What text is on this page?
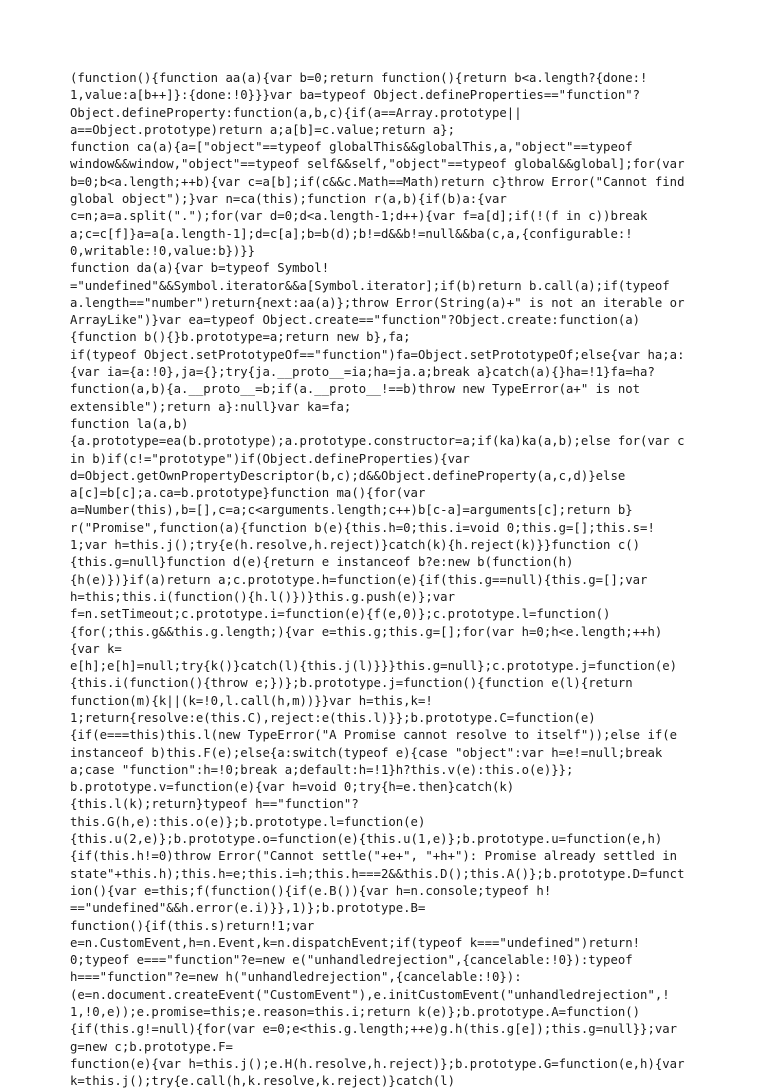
(function(){function aa(a){var b=0;return function(){return b<a.length?{done:!
1,value:a[b++]}:{done:!0}}}var ba=typeof Object.defineProperties=="function"?
Object.defineProperty:function(a,b,c){if(a==Array.prototype||
a==Object.prototype)return a;a[b]=c.value;return a};
function ca(a){a=["object"==typeof globalThis&&globalThis,a,"object"==typeof
window&&window,"object"==typeof self&&self,"object"==typeof global&&global];for(var
b=0;b<a.length;++b){var c=a[b];if(c&&c.Math==Math)return c}throw Error("Cannot find
global object");}var n=ca(this);function r(a,b){if(b)a:{var
c=n;a=a.split(".");for(var d=0;d<a.length-1;d++){var f=a[d];if(!(f in c))break
a;c=c[f]}a=a[a.length-1];d=c[a];b=b(d);b!=d&&b!=null&&ba(c,a,{configurable:!
0,writable:!0,value:b})}}
function da(a){var b=typeof Symbol!
="undefined"&&Symbol.iterator&&a[Symbol.iterator];if(b)return b.call(a);if(typeof
a.length=="number")return{next:aa(a)};throw Error(String(a)+" is not an iterable or
ArrayLike")}var ea=typeof Object.create=="function"?Object.create:function(a)
{function b(){}b.prototype=a;return new b},fa;
if(typeof Object.setPrototypeOf=="function")fa=Object.setPrototypeOf;else{var ha;a:
{var ia={a:!0},ja={};try{ja.__proto__=ia;ha=ja.a;break a}catch(a){}ha=!1}fa=ha?
function(a,b){a.__proto__=b;if(a.__proto__!==b)throw new TypeError(a+" is not
extensible");return a}:null}var ka=fa;
function la(a,b)
{a.prototype=ea(b.prototype);a.prototype.constructor=a;if(ka)ka(a,b);else for(var c
in b)if(c!="prototype")if(Object.defineProperties){var
d=Object.getOwnPropertyDescriptor(b,c);d&&Object.defineProperty(a,c,d)}else
a[c]=b[c];a.ca=b.prototype}function ma(){for(var
a=Number(this),b=[],c=a;c<arguments.length;c++)b[c-a]=arguments[c];return b}
r("Promise",function(a){function b(e){this.h=0;this.i=void 0;this.g=[];this.s=!
1;var h=this.j();try{e(h.resolve,h.reject)}catch(k){h.reject(k)}}function c()
{this.g=null}function d(e){return e instanceof b?e:new b(function(h)
{h(e)})}if(a)return a;c.prototype.h=function(e){if(this.g==null){this.g=[];var
h=this;this.i(function(){h.l()})}this.g.push(e)};var
f=n.setTimeout;c.prototype.i=function(e){f(e,0)};c.prototype.l=function()
{for(;this.g&&this.g.length;){var e=this.g;this.g=[];for(var h=0;h<e.length;++h)
{var k=
e[h];e[h]=null;try{k()}catch(l){this.j(l)}}}this.g=null};c.prototype.j=function(e)
{this.i(function(){throw e;})};b.prototype.j=function(){function e(l){return
function(m){k||(k=!0,l.call(h,m))}}var h=this,k=!
1;return{resolve:e(this.C),reject:e(this.l)}};b.prototype.C=function(e)
{if(e===this)this.l(new TypeError("A Promise cannot resolve to itself"));else if(e
instanceof b)this.F(e);else{a:switch(typeof e){case "object":var h=e!=null;break
a;case "function":h=!0;break a;default:h=!1}h?this.v(e):this.o(e)}};
b.prototype.v=function(e){var h=void 0;try{h=e.then}catch(k)
{this.l(k);return}typeof h=="function"?
this.G(h,e):this.o(e)};b.prototype.l=function(e)
{this.u(2,e)};b.prototype.o=function(e){this.u(1,e)};b.prototype.u=function(e,h)
{if(this.h!=0)throw Error("Cannot settle("+e+", "+h+"): Promise already settled in
state"+this.h);this.h=e;this.i=h;this.h===2&&this.D();this.A()};b.prototype.D=funct
ion(){var e=this;f(function(){if(e.B()){var h=n.console;typeof h!
=="undefined"&&h.error(e.i)}},1)};b.prototype.B=
function(){if(this.s)return!1;var
e=n.CustomEvent,h=n.Event,k=n.dispatchEvent;if(typeof k==="undefined")return!
0;typeof e==="function"?e=new e("unhandledrejection",{cancelable:!0}):typeof
h==="function"?e=new h("unhandledrejection",{cancelable:!0}):
(e=n.document.createEvent("CustomEvent"),e.initCustomEvent("unhandledrejection",!
1,!0,e));e.promise=this;e.reason=this.i;return k(e)};b.prototype.A=function()
{if(this.g!=null){for(var e=0;e<this.g.length;++e)g.h(this.g[e]);this.g=null}};var
g=new c;b.prototype.F=
function(e){var h=this.j();e.H(h.resolve,h.reject)};b.prototype.G=function(e,h){var
k=this.j();try{e.call(h,k.resolve,k.reject)}catch(l)
